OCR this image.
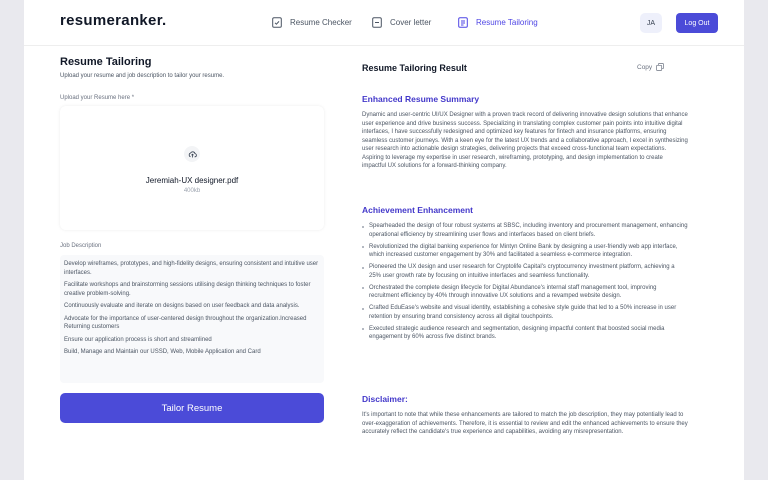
resumeranker.	Resume Checker	Cover letter	Resume Tailoring	JA	Log Out
Resume Tailoring
Upload your resume and job description to tailor your resume.
Upload your Resume here *
Jeremiah-UX designer.pdf
400kb
Job Description

Develop wireframes, prototypes, and high-fidelity designs, ensuring consistent and intuitive user interfaces.

Facilitate workshops and brainstorming sessions utilising design thinking techniques to foster creative problem-solving.

Continuously evaluate and iterate on designs based on user feedback and data analysis.

Advocate for the importance of user-centered design throughout the organization.Increased Returning customers

Ensure our application process is short and streamlined

Build, Manage and Maintain our USSD, Web, Mobile Application and Card

Tailor Resume
Resume Tailoring Result	Copy
Enhanced Resume Summary
Dynamic and user-centric UI/UX Designer with a proven track record of delivering innovative design solutions that enhance user experience and drive business success. Specializing in translating complex customer pain points into intuitive digital interfaces, I have successfully redesigned and optimized key features for fintech and insurance platforms, ensuring seamless customer journeys. With a keen eye for the latest UX trends and a collaborative approach, I excel in synthesizing user research into actionable design strategies, delivering projects that exceed cross-functional team expectations. Aspiring to leverage my expertise in user research, wireframing, prototyping, and design implementation to create impactful UX solutions for a forward-thinking company.
Achievement Enhancement
Spearheaded the design of four robust systems at SBSC, including inventory and procurement management, enhancing operational efficiency by streamlining user flows and interfaces based on client briefs.
Revolutionized the digital banking experience for Mintyn Online Bank by designing a user-friendly web app interface, which increased customer engagement by 30% and facilitated a seamless e-commerce integration.
Pioneered the UX design and user research for Cryptolife Capital's cryptocurrency investment platform, achieving a 25% user growth rate by focusing on intuitive interfaces and seamless functionality.
Orchestrated the complete design lifecycle for Digital Abundance's internal staff management tool, improving recruitment efficiency by 40% through innovative UX solutions and a revamped website design.
Crafted EduEase's website and visual identity, establishing a cohesive style guide that led to a 50% increase in user retention by ensuring brand consistency across all digital touchpoints.
Executed strategic audience research and segmentation, designing impactful content that boosted social media engagement by 60% across five distinct brands.
Disclaimer:
It's important to note that while these enhancements are tailored to match the job description, they may potentially lead to over-exaggeration of achievements. Therefore, it is essential to review and edit the enhanced achievements to ensure they accurately reflect the candidate's true experience and capabilities, avoiding any misrepresentation.
